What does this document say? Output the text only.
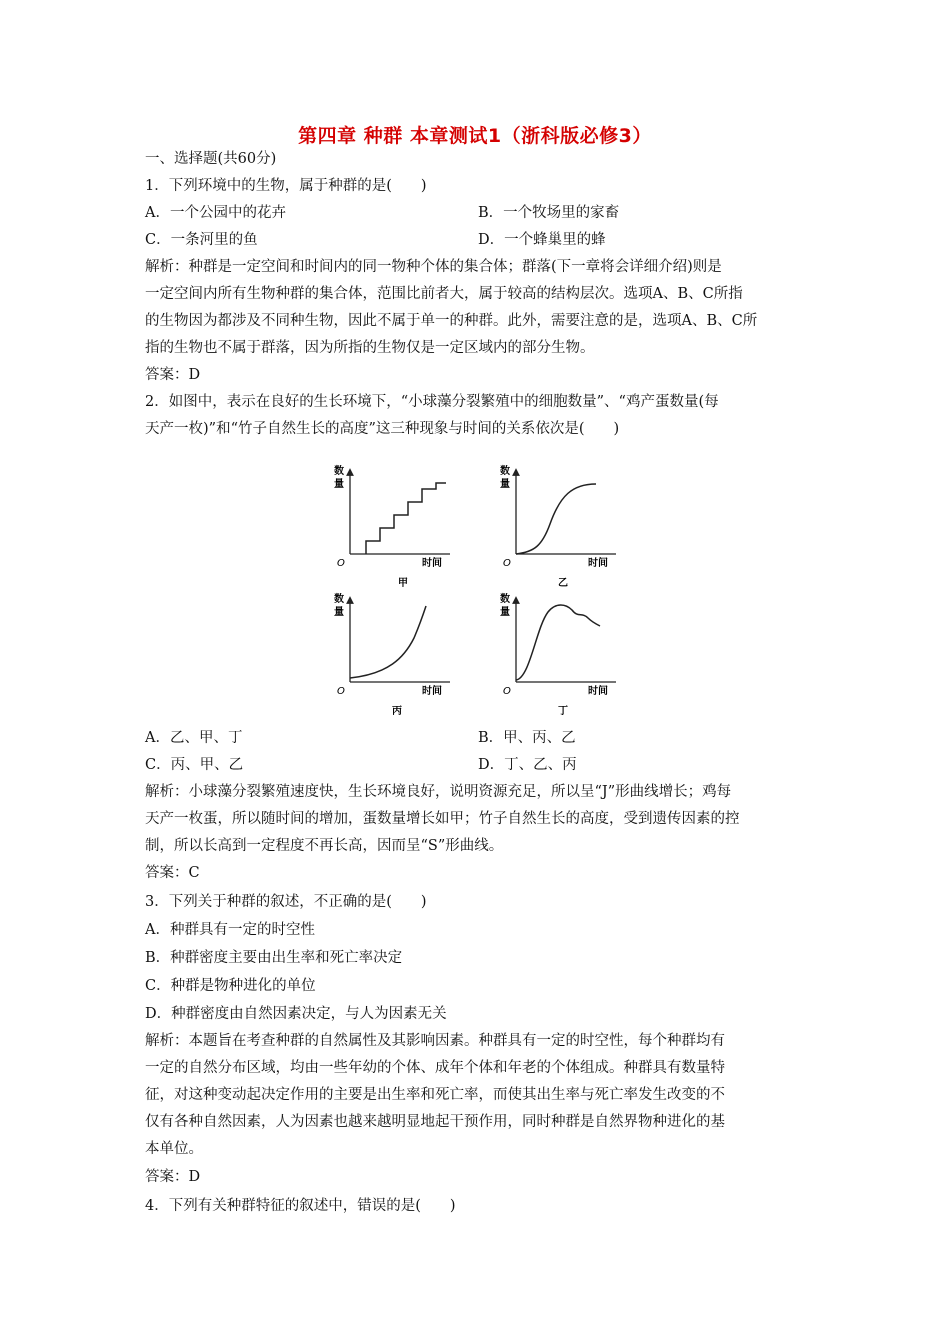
第四章 种群 本章测试1（浙科版必修3）
一、选择题(共60分)
1．下列环境中的生物，属于种群的是(　　)
A．一个公园中的花卉	B．一个牧场里的家畜
C．一条河里的鱼	D．一个蜂巢里的蜂
解析：种群是一定空间和时间内的同一物种个体的集合体；群落(下一章将会详细介绍)则是
一定空间内所有生物种群的集合体，范围比前者大，属于较高的结构层次。选项A、B、C所指
的生物因为都涉及不同种生物，因此不属于单一的种群。此外，需要注意的是，选项A、B、C所
指的生物也不属于群落，因为所指的生物仅是一定区域内的部分生物。
答案：D
2．如图中，表示在良好的生长环境下，“小球藻分裂繁殖中的细胞数量”、“鸡产蛋数量(每
天产一枚)”和“竹子自然生长的高度”这三种现象与时间的关系依次是(　　)
数
量
O	时间
甲
数
量
O	时间
乙
数
量
O	时间
丙
数
量
O	时间
丁
A．乙、甲、丁	B．甲、丙、乙
C．丙、甲、乙	D．丁、乙、丙
解析：小球藻分裂繁殖速度快，生长环境良好，说明资源充足，所以呈“J”形曲线增长；鸡每
天产一枚蛋，所以随时间的增加，蛋数量增长如甲；竹子自然生长的高度，受到遗传因素的控
制，所以长高到一定程度不再长高，因而呈“S”形曲线。
答案：C
3．下列关于种群的叙述，不正确的是(　　)
A．种群具有一定的时空性
B．种群密度主要由出生率和死亡率决定
C．种群是物种进化的单位
D．种群密度由自然因素决定，与人为因素无关
解析：本题旨在考查种群的自然属性及其影响因素。种群具有一定的时空性，每个种群均有
一定的自然分布区域，均由一些年幼的个体、成年个体和年老的个体组成。种群具有数量特
征，对这种变动起决定作用的主要是出生率和死亡率，而使其出生率与死亡率发生改变的不
仅有各种自然因素，人为因素也越来越明显地起干预作用，同时种群是自然界物种进化的基
本单位。
答案：D
4．下列有关种群特征的叙述中，错误的是(　　)
